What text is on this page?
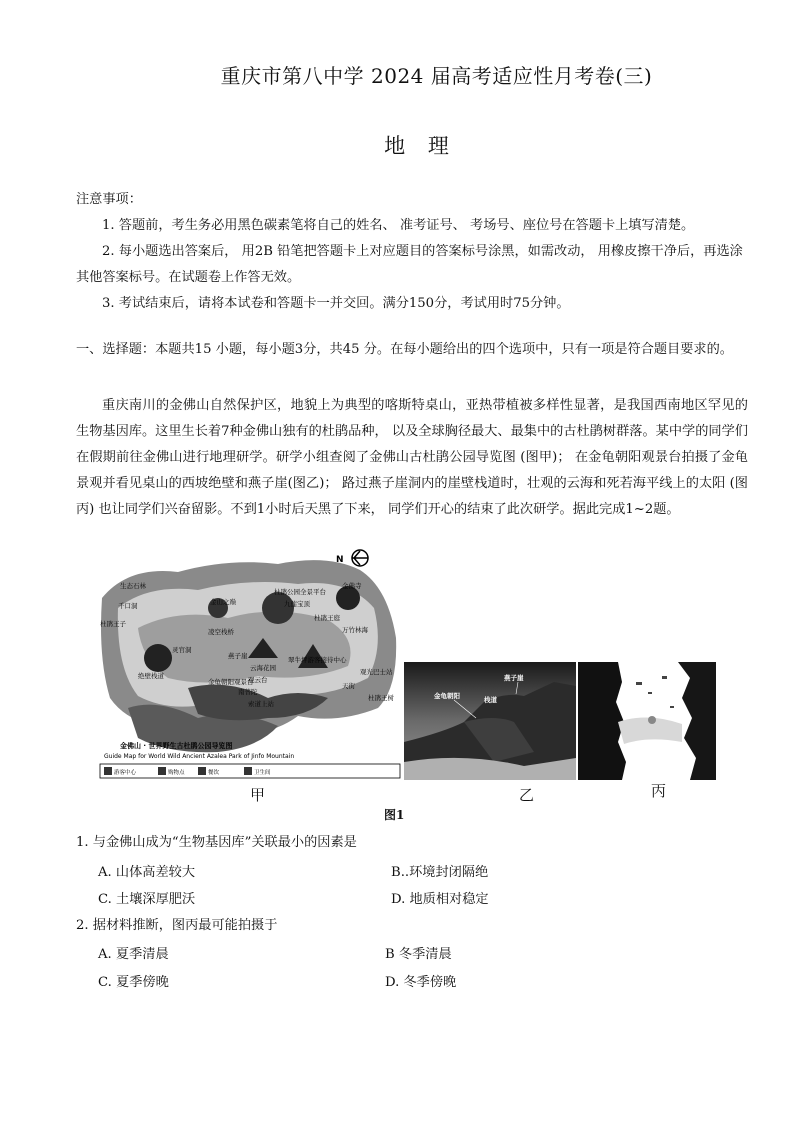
重庆市第八中学 2024 届高考适应性月考卷(三)
地 理
注意事项：
1. 答题前，考生务必用黑色碳素笔将自己的姓名、 准考证号、 考场号、座位号在答题卡上填写清楚。
2. 每小题选出答案后， 用2B 铅笔把答题卡上对应题目的答案标号涂黑，如需改动， 用橡皮擦干净后，再选涂其他答案标号。在试题卷上作答无效。
3. 考试结束后，请将本试卷和答题卡一并交回。满分150分，考试用时75分钟。
一、选择题：本题共15 小题，每小题3分，共45 分。在每小题给出的四个选项中，只有一项是符合题目要求的。
重庆南川的金佛山自然保护区，地貌上为典型的喀斯特桌山，亚热带植被多样性显著，是我国西南地区罕见的生物基因库。这里生长着7种金佛山独有的杜鹃品种， 以及全球胸径最大、最集中的古杜鹃树群落。某中学的同学们在假期前往金佛山进行地理研学。研学小组查阅了金佛山古杜鹃公园导览图 (图甲)； 在金龟朝阳观景台拍摄了金龟景观并看见桌山的西坡绝壁和燕子崖(图乙)； 路过燕子崖洞内的崖壁栈道时，壮观的云海和死若海平线上的太阳 (图丙) 也让同学们兴奋留影。不到1小时后天黑了下来， 同学们开心的结束了此次研学。据此完成1~2题。
N
金佛寺
生态石林
杜鹃公园全景平台
九莲宝顶
金山之巅
千口洞
杜鹃王子
杜鹃王庭
万竹林海
凌空栈桥
灵官洞
燕子崖
绝壁栈道
翠牛坪游客接待中心
云海花园
金龟朝阳观景台
南普陀
杜鹃王树
观光巴士站
天街
观云台
索道上站
金佛山 · 世界野生古杜鹃公园导览图
Guide Map for World Wild Ancient Azalea Park of Jinfo Mountain
游客中心	购物点	餐饮	卫生间
金龟朝阳
燕子崖
栈道
甲	乙	丙
图1
1. 与金佛山成为“生物基因库”关联最小的因素是
A. 山体高差较大	B..环境封闭隔绝
C. 土壤深厚肥沃	D. 地质相对稳定
2. 据材料推断，图丙最可能拍摄于
A. 夏季清晨	B 冬季清晨
C. 夏季傍晚	D. 冬季傍晚
